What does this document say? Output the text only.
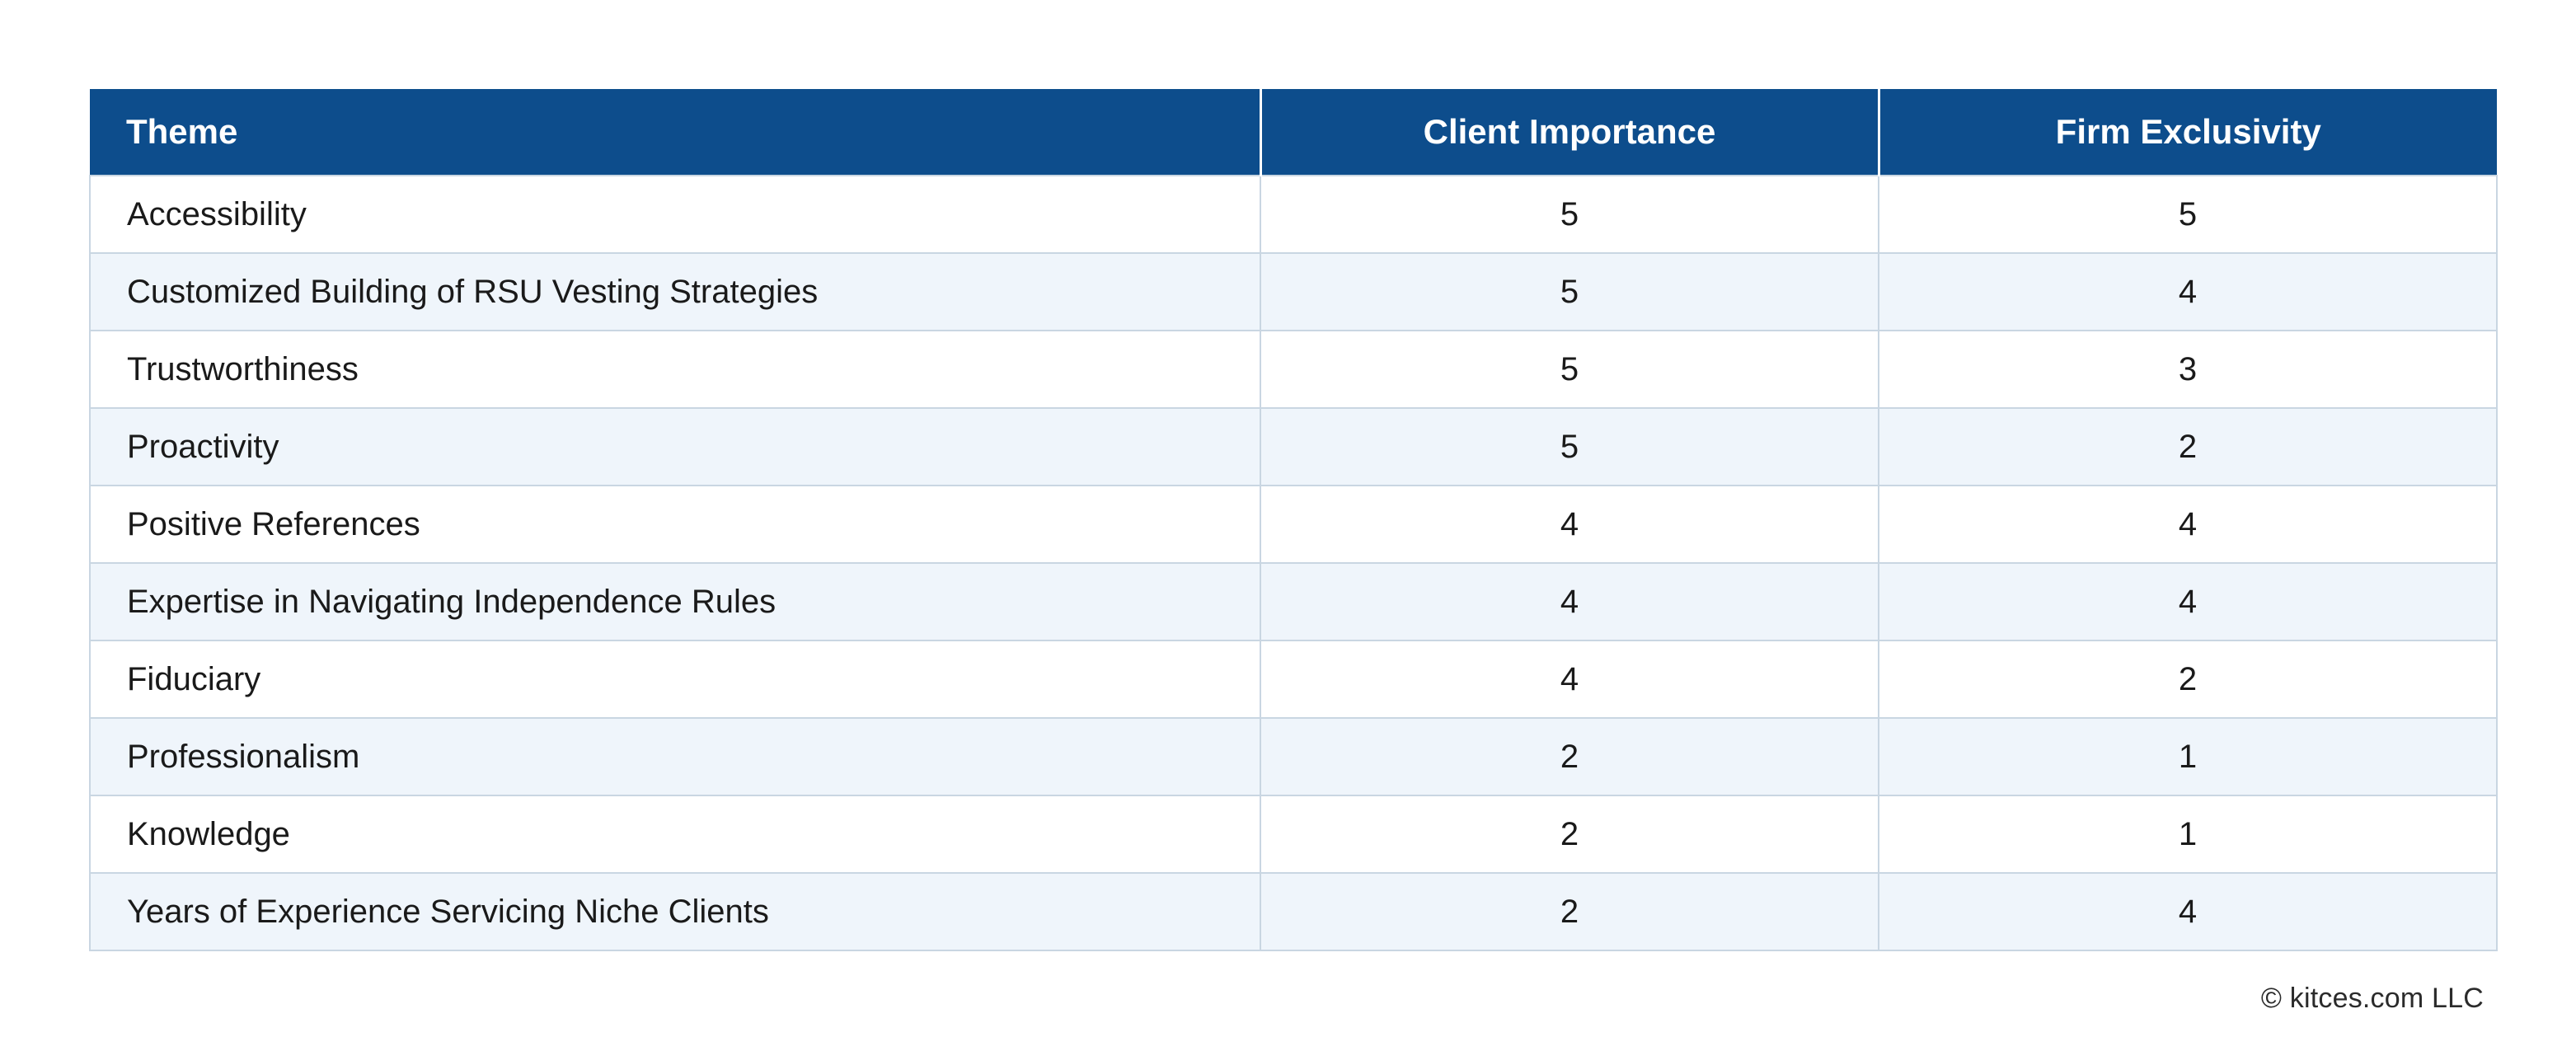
Theme	Client Importance	Firm Exclusivity
Accessibility	5	5
Customized Building of RSU Vesting Strategies	5	4
Trustworthiness	5	3
Proactivity	5	2
Positive References	4	4
Expertise in Navigating Independence Rules	4	4
Fiduciary	4	2
Professionalism	2	1
Knowledge	2	1
Years of Experience Servicing Niche Clients	2	4
© kitces.com LLC
